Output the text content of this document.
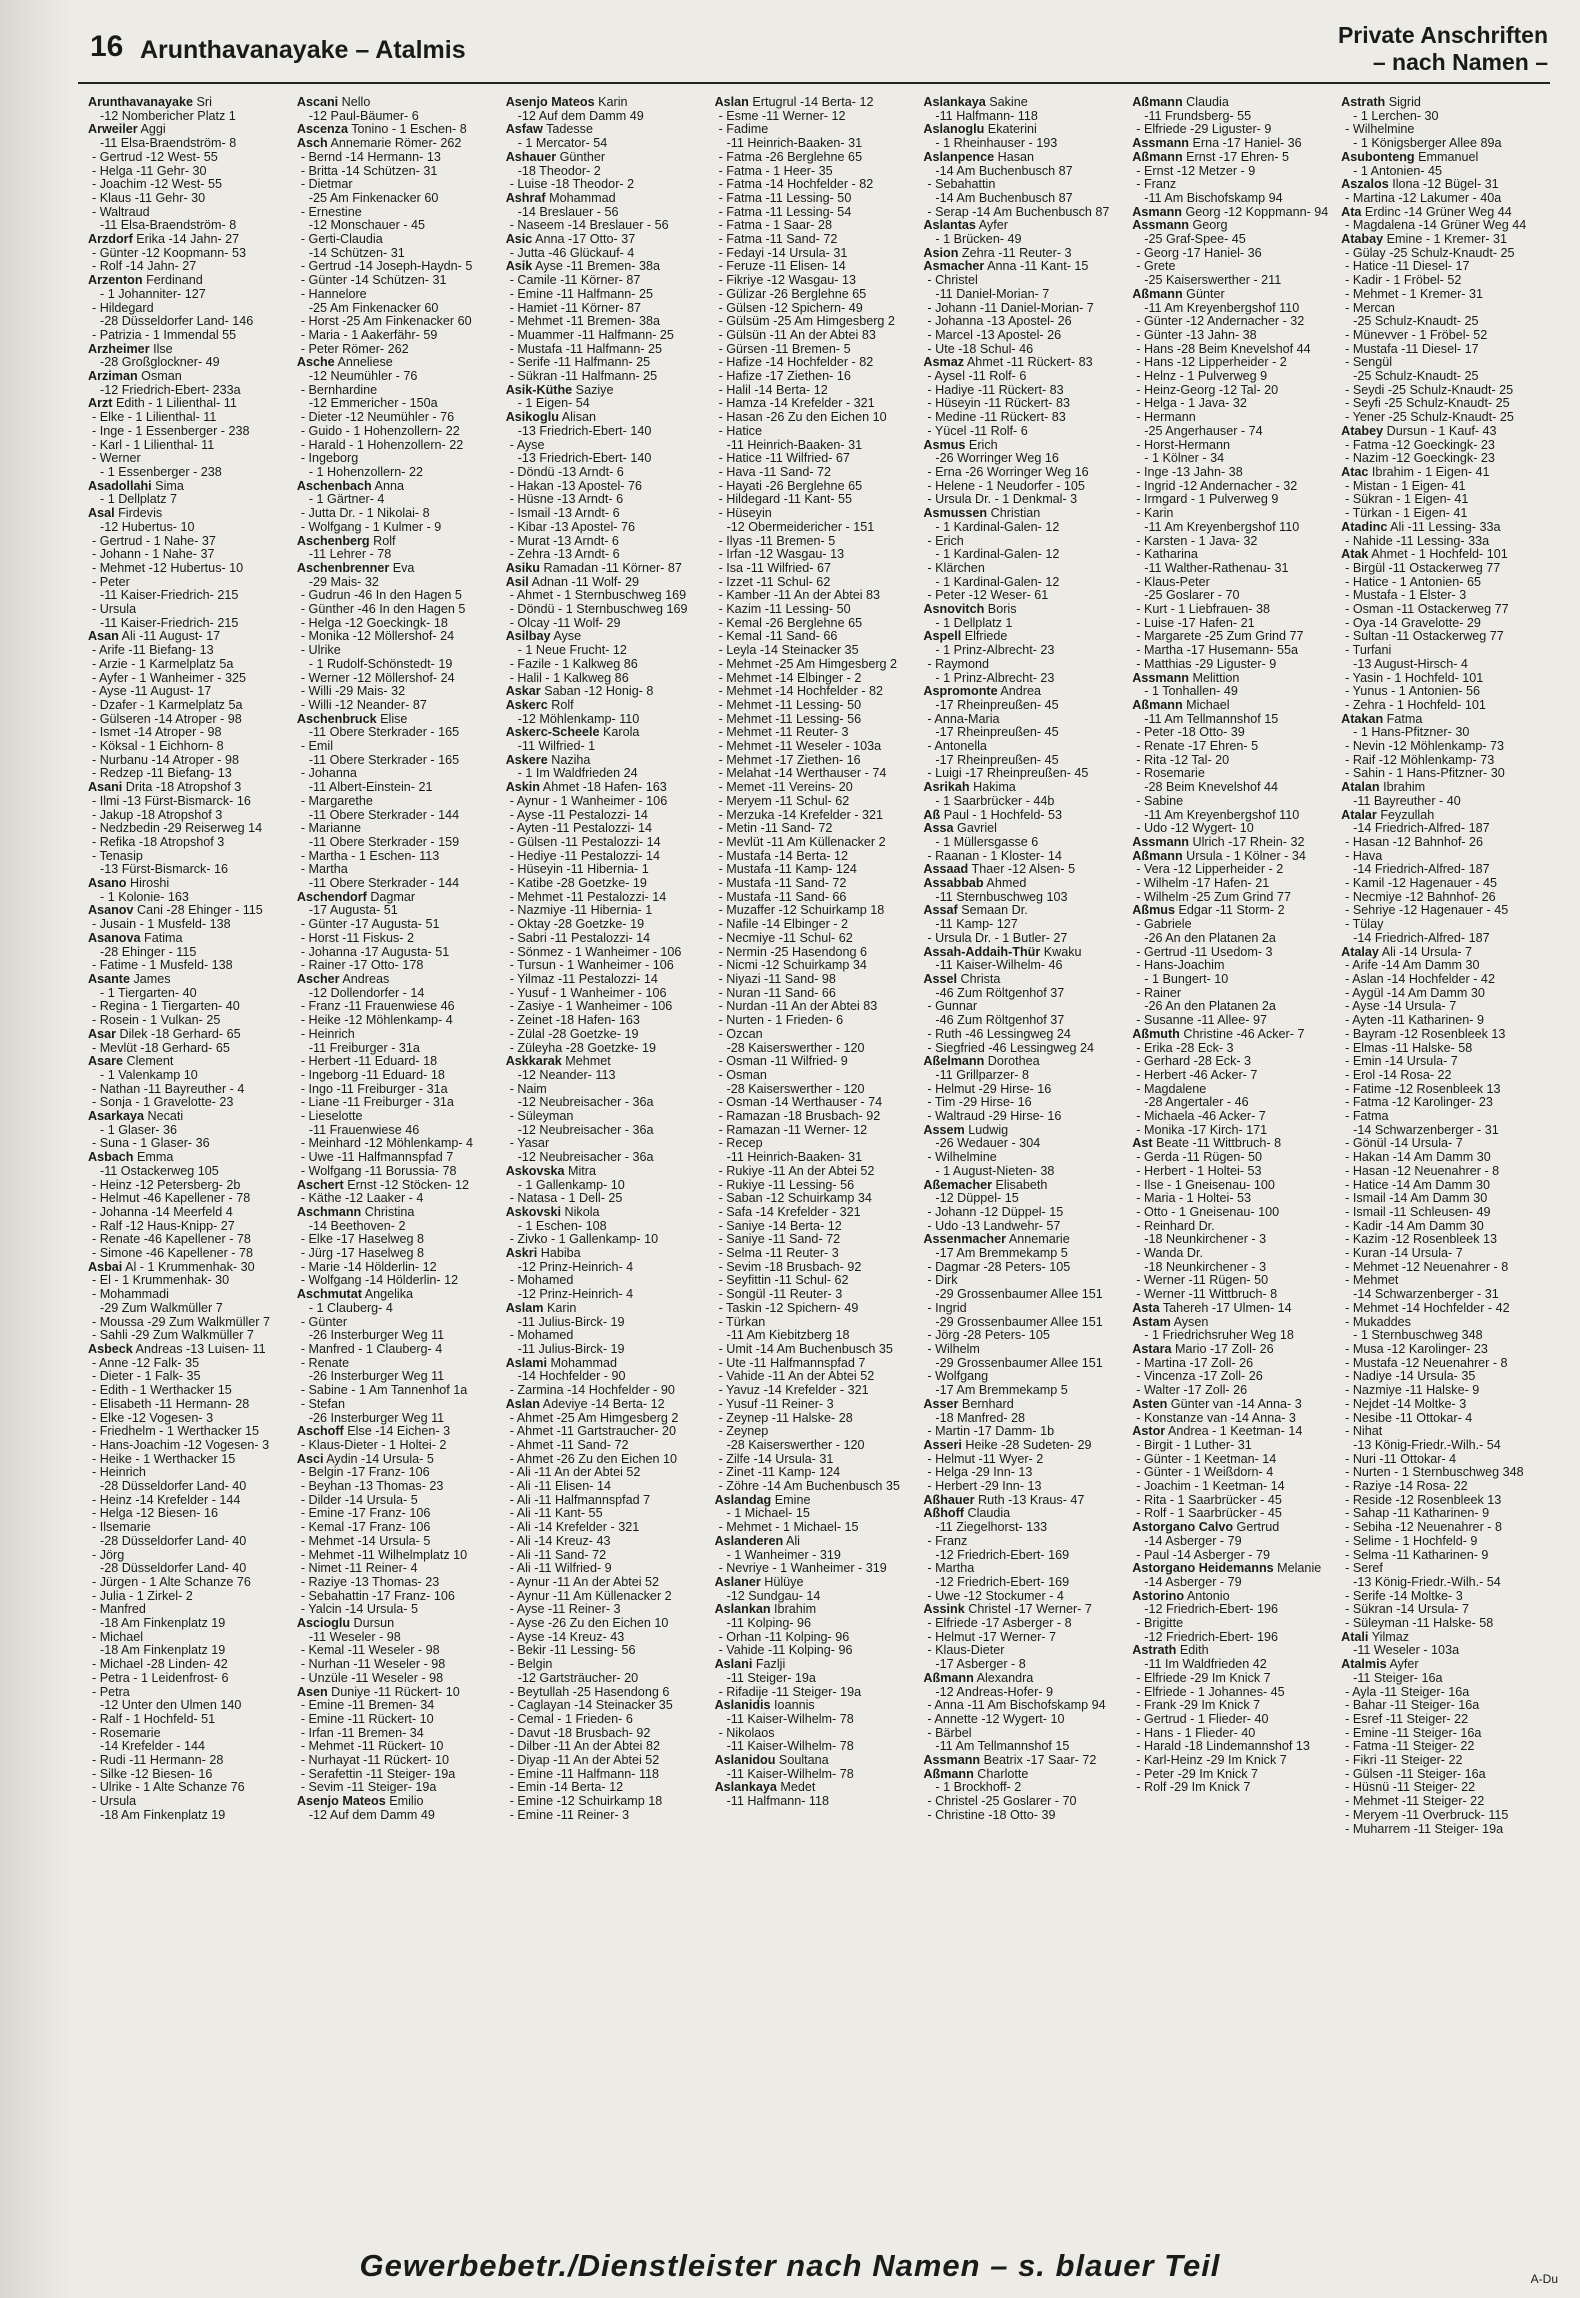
16 Arunthavanayake – Atalmis
Private Anschriften
– nach Namen –
Arunthavanayake Sri
-12 Nombericher Platz 1
Arweiler Aggi
-11 Elsa-Braendström- 8
- Gertrud -12 West- 55
- Helga -11 Gehr- 30
- Joachim -12 West- 55
- Klaus -11 Gehr- 30
- Waltraud
-11 Elsa-Braendström- 8
Arzdorf Erika -14 Jahn- 27
- Günter -12 Koopmann- 53
- Rolf -14 Jahn- 27
Arzenton Ferdinand
- 1 Johanniter- 127
- Hildegard
-28 Düsseldorfer Land- 146
- Patrizia - 1 Immendal 55
Arzheimer Ilse
-28 Großglockner- 49
Arziman Osman
-12 Friedrich-Ebert- 233a
Arzt Edith - 1 Lilienthal- 11
- Elke - 1 Lilienthal- 11
- Inge - 1 Essenberger - 238
- Karl - 1 Lilienthal- 11
- Werner
- 1 Essenberger - 238
Asadollahi Sima
- 1 Dellplatz 7
Asal Firdevis
-12 Hubertus- 10
- Gertrud - 1 Nahe- 37
- Johann - 1 Nahe- 37
- Mehmet -12 Hubertus- 10
- Peter
-11 Kaiser-Friedrich- 215
- Ursula
-11 Kaiser-Friedrich- 215
Asan Ali -11 August- 17
- Arife -11 Biefang- 13
- Arzie - 1 Karmelplatz 5a
- Ayfer - 1 Wanheimer - 325
- Ayse -11 August- 17
- Dzafer - 1 Karmelplatz 5a
- Gülseren -14 Atroper - 98
- Ismet -14 Atroper - 98
- Köksal - 1 Eichhorn- 8
- Nurbanu -14 Atroper - 98
- Redzep -11 Biefang- 13
Asani Drita -18 Atropshof 3
- Ilmi -13 Fürst-Bismarck- 16
- Jakup -18 Atropshof 3
- Nedzbedin -29 Reiserweg 14
- Refika -18 Atropshof 3
- Tenasip
-13 Fürst-Bismarck- 16
Asano Hiroshi
- 1 Kolonie- 163
Asanov Cani -28 Ehinger - 115
- Jusain - 1 Musfeld- 138
Asanova Fatima
-28 Ehinger - 115
- Fatime - 1 Musfeld- 138
Asante James
- 1 Tiergarten- 40
- Regina - 1 Tiergarten- 40
- Rosein - 1 Vulkan- 25
Asar Dilek -18 Gerhard- 65
- Mevlüt -18 Gerhard- 65
Asare Clement
- 1 Valenkamp 10
- Nathan -11 Bayreuther - 4
- Sonja - 1 Gravelotte- 23
Asarkaya Necati
- 1 Glaser- 36
- Suna - 1 Glaser- 36
Asbach Emma
-11 Ostackerweg 105
- Heinz -12 Petersberg- 2b
- Helmut -46 Kapellener - 78
- Johanna -14 Meerfeld 4
- Ralf -12 Haus-Knipp- 27
- Renate -46 Kapellener - 78
- Simone -46 Kapellener - 78
Asbai Al - 1 Krummenhak- 30
- El - 1 Krummenhak- 30
- Mohammadi
-29 Zum Walkmüller 7
- Moussa -29 Zum Walkmüller 7
- Sahli -29 Zum Walkmüller 7
Asbeck Andreas -13 Luisen- 11
- Anne -12 Falk- 35
- Dieter - 1 Falk- 35
- Edith - 1 Werthacker 15
- Elisabeth -11 Hermann- 28
- Elke -12 Vogesen- 3
- Friedhelm - 1 Werthacker 15
- Hans-Joachim -12 Vogesen- 3
- Heike - 1 Werthacker 15
- Heinrich
-28 Düsseldorfer Land- 40
- Heinz -14 Krefelder - 144
- Helga -12 Biesen- 16
- Ilsemarie
-28 Düsseldorfer Land- 40
- Jörg
-28 Düsseldorfer Land- 40
- Jürgen - 1 Alte Schanze 76
- Julia - 1 Zirkel- 2
- Manfred
-18 Am Finkenplatz 19
- Michael
-18 Am Finkenplatz 19
- Michael -28 Linden- 42
- Petra - 1 Leidenfrost- 6
- Petra
-12 Unter den Ulmen 140
- Ralf - 1 Hochfeld- 51
- Rosemarie
-14 Krefelder - 144
- Rudi -11 Hermann- 28
- Silke -12 Biesen- 16
- Ulrike - 1 Alte Schanze 76
- Ursula
-18 Am Finkenplatz 19
Ascani Nello
-12 Paul-Bäumer- 6
Ascenza Tonino - 1 Eschen- 8
Asch Annemarie Römer- 262
- Bernd -14 Hermann- 13
- Britta -14 Schützen- 31
- Dietmar
-25 Am Finkenacker 60
- Ernestine
-12 Monschauer - 45
- Gerti-Claudia
-14 Schützen- 31
- Gertrud -14 Joseph-Haydn- 5
- Günter -14 Schützen- 31
- Hannelore
-25 Am Finkenacker 60
- Horst -25 Am Finkenacker 60
- Maria - 1 Aakerfähr- 59
- Peter Römer- 262
Asche Anneliese
-12 Neumühler - 76
- Bernhardine
-12 Emmericher - 150a
- Dieter -12 Neumühler - 76
- Guido - 1 Hohenzollern- 22
- Harald - 1 Hohenzollern- 22
- Ingeborg
- 1 Hohenzollern- 22
Aschenbach Anna
- 1 Gärtner- 4
- Jutta Dr. - 1 Nikolai- 8
- Wolfgang - 1 Kulmer - 9
Aschenberg Rolf
-11 Lehrer - 78
Aschenbrenner Eva
-29 Mais- 32
- Gudrun -46 In den Hagen 5
- Günther -46 In den Hagen 5
- Helga -12 Goeckingk- 18
- Monika -12 Möllershof- 24
- Ulrike
- 1 Rudolf-Schönstedt- 19
- Werner -12 Möllershof- 24
- Willi -29 Mais- 32
- Willi -12 Neander- 87
Aschenbruck Elise
-11 Obere Sterkrader - 165
- Emil
-11 Obere Sterkrader - 165
- Johanna
-11 Albert-Einstein- 21
- Margarethe
-11 Obere Sterkrader - 144
- Marianne
-11 Obere Sterkrader - 159
- Martha - 1 Eschen- 113
- Martha
-11 Obere Sterkrader - 144
Aschendorf Dagmar
-17 Augusta- 51
- Günter -17 Augusta- 51
- Horst -11 Fiskus- 2
- Johanna -17 Augusta- 51
- Rainer -17 Otto- 178
Ascher Andreas
-12 Dollendorfer - 14
- Franz -11 Frauenwiese 46
- Heike -12 Möhlenkamp- 4
- Heinrich
-11 Freiburger - 31a
- Herbert -11 Eduard- 18
- Ingeborg -11 Eduard- 18
- Ingo -11 Freiburger - 31a
- Liane -11 Freiburger - 31a
- Lieselotte
-11 Frauenwiese 46
- Meinhard -12 Möhlenkamp- 4
- Uwe -11 Halfmannspfad 7
- Wolfgang -11 Borussia- 78
Aschert Ernst -12 Stöcken- 12
- Käthe -12 Laaker - 4
Aschmann Christina
-14 Beethoven- 2
- Elke -17 Haselweg 8
- Jürg -17 Haselweg 8
- Marie -14 Hölderlin- 12
- Wolfgang -14 Hölderlin- 12
Aschmutat Angelika
- 1 Clauberg- 4
- Günter
-26 Insterburger Weg 11
- Manfred - 1 Clauberg- 4
- Renate
-26 Insterburger Weg 11
- Sabine - 1 Am Tannenhof 1a
- Stefan
-26 Insterburger Weg 11
Aschoff Else -14 Eichen- 3
- Klaus-Dieter - 1 Holtei- 2
Asci Aydin -14 Ursula- 5
- Belgin -17 Franz- 106
- Beyhan -13 Thomas- 23
- Dilder -14 Ursula- 5
- Emine -17 Franz- 106
- Kemal -17 Franz- 106
- Mehmet -14 Ursula- 5
- Mehmet -11 Wilhelmplatz 10
- Nimet -11 Reiner- 4
- Raziye -13 Thomas- 23
- Sebahattin -17 Franz- 106
- Yalcin -14 Ursula- 5
Ascioglu Dursun
-11 Weseler - 98
- Kemal -11 Weseler - 98
- Nurhan -11 Weseler - 98
- Ünzüle -11 Weseler - 98
Asen Duniye -11 Rückert- 10
- Emine -11 Bremen- 34
- Emine -11 Rückert- 10
- Irfan -11 Bremen- 34
- Mehmet -11 Rückert- 10
- Nurhayat -11 Rückert- 10
- Serafettin -11 Steiger- 19a
- Sevim -11 Steiger- 19a
Asenjo Mateos Emilio
-12 Auf dem Damm 49
Asenjo Mateos Karin
-12 Auf dem Damm 49
Asfaw Tadesse
- 1 Mercator- 54
Ashauer Günther
-18 Theodor- 2
- Luise -18 Theodor- 2
Ashraf Mohammad
-14 Breslauer - 56
- Naseem -14 Breslauer - 56
Asic Anna -17 Otto- 37
- Jutta -46 Glückauf- 4
Asik Ayse -11 Bremen- 38a
- Camile -11 Körner- 87
- Emine -11 Halfmann- 25
- Hamiet -11 Körner- 87
- Mehmet -11 Bremen- 38a
- Muammer -11 Halfmann- 25
- Mustafa -11 Halfmann- 25
- Serife -11 Halfmann- 25
- Sükran -11 Halfmann- 25
Asik-Küthe Saziye
- 1 Eigen- 54
Asikoglu Alisan
-13 Friedrich-Ebert- 140
- Ayse
-13 Friedrich-Ebert- 140
- Döndü -13 Arndt- 6
- Hakan -13 Apostel- 76
- Hüsne -13 Arndt- 6
- Ismail -13 Arndt- 6
- Kibar -13 Apostel- 76
- Murat -13 Arndt- 6
- Zehra -13 Arndt- 6
Asiku Ramadan -11 Körner- 87
Asil Adnan -11 Wolf- 29
- Ahmet - 1 Sternbuschweg 169
- Döndü - 1 Sternbuschweg 169
- Olcay -11 Wolf- 29
Asilbay Ayse
- 1 Neue Frucht- 12
- Fazile - 1 Kalkweg 86
- Halil - 1 Kalkweg 86
Askar Saban -12 Honig- 8
Askerc Rolf
-12 Möhlenkamp- 110
Askerc-Scheele Karola
-11 Wilfried- 1
Askere Naziha
- 1 Im Waldfrieden 24
Askin Ahmet -18 Hafen- 163
- Aynur - 1 Wanheimer - 106
- Ayse -11 Pestalozzi- 14
- Ayten -11 Pestalozzi- 14
- Gülsen -11 Pestalozzi- 14
- Hediye -11 Pestalozzi- 14
- Hüseyin -11 Hibernia- 1
- Katibe -28 Goetzke- 19
- Mehmet -11 Pestalozzi- 14
- Nazmiye -11 Hibernia- 1
- Oktay -28 Goetzke- 19
- Sabri -11 Pestalozzi- 14
- Sönmez - 1 Wanheimer - 106
- Tursun - 1 Wanheimer - 106
- Yilmaz -11 Pestalozzi- 14
- Yusuf - 1 Wanheimer - 106
- Zasiye - 1 Wanheimer - 106
- Zeinet -18 Hafen- 163
- Zülal -28 Goetzke- 19
- Züleyha -28 Goetzke- 19
Askkarak Mehmet
-12 Neander- 113
- Naim
-12 Neubreisacher - 36a
- Süleyman
-12 Neubreisacher - 36a
- Yasar
-12 Neubreisacher - 36a
Askovska Mitra
- 1 Gallenkamp- 10
- Natasa - 1 Dell- 25
Askovski Nikola
- 1 Eschen- 108
- Zivko - 1 Gallenkamp- 10
Askri Habiba
-12 Prinz-Heinrich- 4
- Mohamed
-12 Prinz-Heinrich- 4
Aslam Karin
-11 Julius-Birck- 19
- Mohamed
-11 Julius-Birck- 19
Aslami Mohammad
-14 Hochfelder - 90
- Zarmina -14 Hochfelder - 90
Aslan Adeviye -14 Berta- 12
- Ahmet -25 Am Himgesberg 2
- Ahmet -11 Gartstraucher- 20
- Ahmet -11 Sand- 72
- Ahmet -26 Zu den Eichen 10
- Ali -11 An der Abtei 52
- Ali -11 Elisen- 14
- Ali -11 Halfmannspfad 7
- Ali -11 Kant- 55
- Ali -14 Krefelder - 321
- Ali -14 Kreuz- 43
- Ali -11 Sand- 72
- Ali -11 Wilfried- 9
- Aynur -11 An der Abtei 52
- Aynur -11 Am Küllenacker 2
- Ayse -11 Reiner- 3
- Ayse -26 Zu den Eichen 10
- Ayse -14 Kreuz- 43
- Bekir -11 Lessing- 56
- Belgin
-12 Gartsträucher- 20
- Beytullah -25 Hasendong 6
- Caglayan -14 Steinacker 35
- Cemal - 1 Frieden- 6
- Davut -18 Brusbach- 92
- Dilber -11 An der Abtei 82
- Diyap -11 An der Abtei 52
- Emine -11 Halfmann- 118
- Emin -14 Berta- 12
- Emine -12 Schuirkamp 18
- Emine -11 Reiner- 3
Aslan Ertugrul -14 Berta- 12
- Esme -11 Werner- 12
- Fadime
-11 Heinrich-Baaken- 31
- Fatma -26 Berglehne 65
- Fatma - 1 Heer- 35
- Fatma -14 Hochfelder - 82
- Fatma -11 Lessing- 50
- Fatma -11 Lessing- 54
- Fatma - 1 Saar- 28
- Fatma -11 Sand- 72
- Fedayi -14 Ursula- 31
- Feruze -11 Elisen- 14
- Fikriye -12 Wasgau- 13
- Gülizar -26 Berglehne 65
- Gülsen -12 Spichern- 49
- Gülsüm -25 Am Himgesberg 2
- Gülsün -11 An der Abtei 83
- Gürsen -11 Bremen- 5
- Hafize -14 Hochfelder - 82
- Hafize -17 Ziethen- 16
- Halil -14 Berta- 12
- Hamza -14 Krefelder - 321
- Hasan -26 Zu den Eichen 10
- Hatice
-11 Heinrich-Baaken- 31
- Hatice -11 Wilfried- 67
- Hava -11 Sand- 72
- Hayati -26 Berglehne 65
- Hildegard -11 Kant- 55
- Hüseyin
-12 Obermeidericher - 151
- Ilyas -11 Bremen- 5
- Irfan -12 Wasgau- 13
- Isa -11 Wilfried- 67
- Izzet -11 Schul- 62
- Kamber -11 An der Abtei 83
- Kazim -11 Lessing- 50
- Kemal -26 Berglehne 65
- Kemal -11 Sand- 66
- Leyla -14 Steinacker 35
- Mehmet -25 Am Himgesberg 2
- Mehmet -14 Elbinger - 2
- Mehmet -14 Hochfelder - 82
- Mehmet -11 Lessing- 50
- Mehmet -11 Lessing- 56
- Mehmet -11 Reuter- 3
- Mehmet -11 Weseler - 103a
- Mehmet -17 Ziethen- 16
- Melahat -14 Werthauser - 74
- Memet -11 Vereins- 20
- Meryem -11 Schul- 62
- Merzuka -14 Krefelder - 321
- Metin -11 Sand- 72
- Mevlüt -11 Am Küllenacker 2
- Mustafa -14 Berta- 12
- Mustafa -11 Kamp- 124
- Mustafa -11 Sand- 72
- Mustafa -11 Sand- 66
- Muzaffer -12 Schuirkamp 18
- Nafile -14 Elbinger - 2
- Necmiye -11 Schul- 62
- Nermin -25 Hasendong 6
- Nicmi -12 Schuirkamp 34
- Niyazi -11 Sand- 98
- Nuran -11 Sand- 66
- Nurdan -11 An der Abtei 83
- Nurten - 1 Frieden- 6
- Özcan
-28 Kaiserswerther - 120
- Osman -11 Wilfried- 9
- Osman
-28 Kaiserswerther - 120
- Osman -14 Werthauser - 74
- Ramazan -18 Brusbach- 92
- Ramazan -11 Werner- 12
- Recep
-11 Heinrich-Baaken- 31
- Rukiye -11 An der Abtei 52
- Rukiye -11 Lessing- 56
- Saban -12 Schuirkamp 34
- Safa -14 Krefelder - 321
- Saniye -14 Berta- 12
- Saniye -11 Sand- 72
- Selma -11 Reuter- 3
- Sevim -18 Brusbach- 92
- Seyfittin -11 Schul- 62
- Songül -11 Reuter- 3
- Taskin -12 Spichern- 49
- Türkan
-11 Am Kiebitzberg 18
- Ümit -14 Am Buchenbusch 35
- Ute -11 Halfmannspfad 7
- Vahide -11 An der Abtei 52
- Yavuz -14 Krefelder - 321
- Yusuf -11 Reiner- 3
- Zeynep -11 Halske- 28
- Zeynep
-28 Kaiserswerther - 120
- Zilfe -14 Ursula- 31
- Zinet -11 Kamp- 124
- Zöhre -14 Am Buchenbusch 35
Aslandag Emine
- 1 Michael- 15
- Mehmet - 1 Michael- 15
Aslanderen Ali
- 1 Wanheimer - 319
- Nevriye - 1 Wanheimer - 319
Aslaner Hülüye
-12 Sundgau- 14
Aslankan Ibrahim
-11 Kolping- 96
- Orhan -11 Kolping- 96
- Vahide -11 Kolping- 96
Aslani Fazlji
-11 Steiger- 19a
- Rifadije -11 Steiger- 19a
Aslanidis Ioannis
-11 Kaiser-Wilhelm- 78
- Nikolaos
-11 Kaiser-Wilhelm- 78
Aslanidou Soultana
-11 Kaiser-Wilhelm- 78
Aslankaya Medet
-11 Halfmann- 118
Aslankaya Sakine
-11 Halfmann- 118
Aslanoglu Ekaterini
- 1 Rheinhauser - 193
Aslanpence Hasan
-14 Am Buchenbusch 87
- Sebahattin
-14 Am Buchenbusch 87
- Serap -14 Am Buchenbusch 87
Aslantas Ayfer
- 1 Brücken- 49
Asion Zehra -11 Reuter- 3
Asmacher Anna -11 Kant- 15
- Christel
-11 Daniel-Morian- 7
- Johann -11 Daniel-Morian- 7
- Johanna -13 Apostel- 26
- Marcel -13 Apostel- 26
- Ute -18 Schul- 46
Asmaz Ahmet -11 Rückert- 83
- Aysel -11 Rolf- 6
- Hadiye -11 Rückert- 83
- Hüseyin -11 Rückert- 83
- Medine -11 Rückert- 83
- Yücel -11 Rolf- 6
Asmus Erich
-26 Worringer Weg 16
- Erna -26 Worringer Weg 16
- Helene - 1 Neudorfer - 105
- Ursula Dr. - 1 Denkmal- 3
Asmussen Christian
- 1 Kardinal-Galen- 12
- Erich
- 1 Kardinal-Galen- 12
- Klärchen
- 1 Kardinal-Galen- 12
- Peter -12 Weser- 61
Asnovitch Boris
- 1 Dellplatz 1
Aspell Elfriede
- 1 Prinz-Albrecht- 23
- Raymond
- 1 Prinz-Albrecht- 23
Aspromonte Andrea
-17 Rheinpreußen- 45
- Anna-Maria
-17 Rheinpreußen- 45
- Antonella
-17 Rheinpreußen- 45
- Luigi -17 Rheinpreußen- 45
Asrikah Hakima
- 1 Saarbrücker - 44b
Aß Paul - 1 Hochfeld- 53
Assa Gavriel
- 1 Müllersgasse 6
- Raanan - 1 Kloster- 14
Assaad Thaer -12 Alsen- 5
Assabbab Ahmed
-11 Sternbuschweg 103
Assaf Semaan Dr.
-11 Kamp- 127
- Ursula Dr. - 1 Butler- 27
Assah-Addaih-Thür Kwaku
-11 Kaiser-Wilhelm- 46
Assel Christa
-46 Zum Röltgenhof 37
- Gunnar
-46 Zum Röltgenhof 37
- Ruth -46 Lessingweg 24
- Siegfried -46 Lessingweg 24
Aßelmann Dorothea
-11 Grillparzer- 8
- Helmut -29 Hirse- 16
- Tim -29 Hirse- 16
- Waltraud -29 Hirse- 16
Assem Ludwig
-26 Wedauer - 304
- Wilhelmine
- 1 August-Nieten- 38
Aßemacher Elisabeth
-12 Düppel- 15
- Johann -12 Düppel- 15
- Udo -13 Landwehr- 57
Assenmacher Annemarie
-17 Am Bremmekamp 5
- Dagmar -28 Peters- 105
- Dirk
-29 Grossenbaumer Allee 151
- Ingrid
-29 Grossenbaumer Allee 151
- Jörg -28 Peters- 105
- Wilhelm
-29 Grossenbaumer Allee 151
- Wolfgang
-17 Am Bremmekamp 5
Asser Bernhard
-18 Manfred- 28
- Martin -17 Damm- 1b
Asseri Heike -28 Sudeten- 29
- Helmut -11 Wyer- 2
- Helga -29 Inn- 13
- Herbert -29 Inn- 13
Aßhauer Ruth -13 Kraus- 47
Aßhoff Claudia
-11 Ziegelhorst- 133
- Franz
-12 Friedrich-Ebert- 169
- Martha
-12 Friedrich-Ebert- 169
- Uwe -12 Stockumer - 4
Assink Christel -17 Werner- 7
- Elfriede -17 Asberger - 8
- Helmut -17 Werner- 7
- Klaus-Dieter
-17 Asberger - 8
Aßmann Alexandra
-12 Andreas-Hofer- 9
- Anna -11 Am Bischofskamp 94
- Annette -12 Wygert- 10
- Bärbel
-11 Am Tellmannshof 15
Assmann Beatrix -17 Saar- 72
Aßmann Charlotte
- 1 Brockhoff- 2
- Christel -25 Goslarer - 70
- Christine -18 Otto- 39
Aßmann Claudia
-11 Frundsberg- 55
- Elfriede -29 Liguster- 9
Assmann Erna -17 Haniel- 36
Aßmann Ernst -17 Ehren- 5
- Ernst -12 Metzer - 9
- Franz
-11 Am Bischofskamp 94
Asmann Georg -12 Koppmann- 94
Assmann Georg
-25 Graf-Spee- 45
- Georg -17 Haniel- 36
- Grete
-25 Kaiserswerther - 211
Aßmann Günter
-11 Am Kreyenbergshof 110
- Günter -12 Andernacher - 32
- Günter -13 Jahn- 38
- Hans -28 Beim Knevelshof 44
- Hans -12 Lipperheider - 2
- Helnz - 1 Pulverweg 9
- Heinz-Georg -12 Tal- 20
- Helga - 1 Java- 32
- Hermann
-25 Angerhauser - 74
- Horst-Hermann
- 1 Kölner - 34
- Inge -13 Jahn- 38
- Ingrid -12 Andernacher - 32
- Irmgard - 1 Pulverweg 9
- Karin
-11 Am Kreyenbergshof 110
- Karsten - 1 Java- 32
- Katharina
-11 Walther-Rathenau- 31
- Klaus-Peter
-25 Goslarer - 70
- Kurt - 1 Liebfrauen- 38
- Luise -17 Hafen- 21
- Margarete -25 Zum Grind 77
- Martha -17 Husemann- 55a
- Matthias -29 Liguster- 9
Assmann Melittion
- 1 Tonhallen- 49
Aßmann Michael
-11 Am Tellmannshof 15
- Peter -18 Otto- 39
- Renate -17 Ehren- 5
- Rita -12 Tal- 20
- Rosemarie
-28 Beim Knevelshof 44
- Sabine
-11 Am Kreyenbergshof 110
- Udo -12 Wygert- 10
Assmann Ulrich -17 Rhein- 32
Aßmann Ursula - 1 Kölner - 34
- Vera -12 Lipperheider - 2
- Wilhelm -17 Hafen- 21
- Wilhelm -25 Zum Grind 77
Aßmus Edgar -11 Storm- 2
- Gabriele
-26 An den Platanen 2a
- Gertrud -11 Usedom- 3
- Hans-Joachim
- 1 Bungert- 10
- Rainer
-26 An den Platanen 2a
- Susanne -11 Allee- 97
Aßmuth Christine -46 Acker- 7
- Erika -28 Eck- 3
- Gerhard -28 Eck- 3
- Herbert -46 Acker- 7
- Magdalene
-28 Angertaler - 46
- Michaela -46 Acker- 7
- Monika -17 Kirch- 171
Ast Beate -11 Wittbruch- 8
- Gerda -11 Rügen- 50
- Herbert - 1 Holtei- 53
- Ilse - 1 Gneisenau- 100
- Maria - 1 Holtei- 53
- Otto - 1 Gneisenau- 100
- Reinhard Dr.
-18 Neunkirchener - 3
- Wanda Dr.
-18 Neunkirchener - 3
- Werner -11 Rügen- 50
- Werner -11 Wittbruch- 8
Asta Tahereh -17 Ulmen- 14
Astam Aysen
- 1 Friedrichsruher Weg 18
Astara Mario -17 Zoll- 26
- Martina -17 Zoll- 26
- Vincenza -17 Zoll- 26
- Walter -17 Zoll- 26
Asten Günter van -14 Anna- 3
- Konstanze van -14 Anna- 3
Astor Andrea - 1 Keetman- 14
- Birgit - 1 Luther- 31
- Günter - 1 Keetman- 14
- Günter - 1 Weißdorn- 4
- Joachim - 1 Keetman- 14
- Rita - 1 Saarbrücker - 45
- Rolf - 1 Saarbrücker - 45
Astorgano Calvo Gertrud
-14 Asberger - 79
- Paul -14 Asberger - 79
Astorgano Heidemanns Melanie
-14 Asberger - 79
Astorino Antonio
-12 Friedrich-Ebert- 196
- Brigitte
-12 Friedrich-Ebert- 196
Astrath Edith
-11 Im Waldfrieden 42
- Elfriede -29 Im Knick 7
- Elfriede - 1 Johannes- 45
- Frank -29 Im Knick 7
- Gertrud - 1 Flieder- 40
- Hans - 1 Flieder- 40
- Harald -18 Lindemannshof 13
- Karl-Heinz -29 Im Knick 7
- Peter -29 Im Knick 7
- Rolf -29 Im Knick 7
Astrath Sigrid
- 1 Lerchen- 30
- Wilhelmine
- 1 Königsberger Allee 89a
Asubonteng Emmanuel
- 1 Antonien- 45
Aszalos Ilona -12 Bügel- 31
- Martina -12 Lakumer - 40a
Ata Erdinc -14 Grüner Weg 44
- Magdalena -14 Grüner Weg 44
Atabay Emine - 1 Kremer- 31
- Gülay -25 Schulz-Knaudt- 25
- Hatice -11 Diesel- 17
- Kadir - 1 Fröbel- 52
- Mehmet - 1 Kremer- 31
- Mercan
-25 Schulz-Knaudt- 25
- Münevver - 1 Fröbel- 52
- Mustafa -11 Diesel- 17
- Sengül
-25 Schulz-Knaudt- 25
- Seydi -25 Schulz-Knaudt- 25
- Seyfi -25 Schulz-Knaudt- 25
- Yener -25 Schulz-Knaudt- 25
Atabey Dursun - 1 Kauf- 43
- Fatma -12 Goeckingk- 23
- Nazim -12 Goeckingk- 23
Atac Ibrahim - 1 Eigen- 41
- Mistan - 1 Eigen- 41
- Sükran - 1 Eigen- 41
- Türkan - 1 Eigen- 41
Atadinc Ali -11 Lessing- 33a
- Nahide -11 Lessing- 33a
Atak Ahmet - 1 Hochfeld- 101
- Birgül -11 Ostackerweg 77
- Hatice - 1 Antonien- 65
- Mustafa - 1 Elster- 3
- Osman -11 Ostackerweg 77
- Oya -14 Gravelotte- 29
- Sultan -11 Ostackerweg 77
- Turfani
-13 August-Hirsch- 4
- Yasin - 1 Hochfeld- 101
- Yunus - 1 Antonien- 56
- Zehra - 1 Hochfeld- 101
Atakan Fatma
- 1 Hans-Pfitzner- 30
- Nevin -12 Möhlenkamp- 73
- Raif -12 Möhlenkamp- 73
- Sahin - 1 Hans-Pfitzner- 30
Atalan Ibrahim
-11 Bayreuther - 40
Atalar Feyzullah
-14 Friedrich-Alfred- 187
- Hasan -12 Bahnhof- 26
- Hava
-14 Friedrich-Alfred- 187
- Kamil -12 Hagenauer - 45
- Necmiye -12 Bahnhof- 26
- Sehriye -12 Hagenauer - 45
- Tülay
-14 Friedrich-Alfred- 187
Atalay Ali -14 Ursula- 7
- Arife -14 Am Damm 30
- Aslan -14 Hochfelder - 42
- Aygül -14 Am Damm 30
- Ayse -14 Ursula- 7
- Ayten -11 Katharinen- 9
- Bayram -12 Rosenbleek 13
- Elmas -11 Halske- 58
- Emin -14 Ursula- 7
- Erol -14 Rosa- 22
- Fatime -12 Rosenbleek 13
- Fatma -12 Karolinger- 23
- Fatma
-14 Schwarzenberger - 31
- Gönül -14 Ursula- 7
- Hakan -14 Am Damm 30
- Hasan -12 Neuenahrer - 8
- Hatice -14 Am Damm 30
- Ismail -14 Am Damm 30
- Ismail -11 Schleusen- 49
- Kadir -14 Am Damm 30
- Kazim -12 Rosenbleek 13
- Kuran -14 Ursula- 7
- Mehmet -12 Neuenahrer - 8
- Mehmet
-14 Schwarzenberger - 31
- Mehmet -14 Hochfelder - 42
- Mukaddes
- 1 Sternbuschweg 348
- Musa -12 Karolinger- 23
- Mustafa -12 Neuenahrer - 8
- Nadiye -14 Ursula- 35
- Nazmiye -11 Halske- 9
- Nejdet -14 Moltke- 3
- Nesibe -11 Ottokar- 4
- Nihat
-13 König-Friedr.-Wilh.- 54
- Nuri -11 Ottokar- 4
- Nurten - 1 Sternbuschweg 348
- Raziye -14 Rosa- 22
- Reside -12 Rosenbleek 13
- Sahap -11 Katharinen- 9
- Sebiha -12 Neuenahrer - 8
- Selime - 1 Hochfeld- 9
- Selma -11 Katharinen- 9
- Seref
-13 König-Friedr.-Wilh.- 54
- Serife -14 Moltke- 3
- Sükran -14 Ursula- 7
- Süleyman -11 Halske- 58
Atali Yilmaz
-11 Weseler - 103a
Atalmis Ayfer
-11 Steiger- 16a
- Ayla -11 Steiger- 16a
- Bahar -11 Steiger- 16a
- Esref -11 Steiger- 22
- Emine -11 Steiger- 16a
- Fatma -11 Steiger- 22
- Fikri -11 Steiger- 22
- Gülsen -11 Steiger- 16a
- Hüsnü -11 Steiger- 22
- Mehmet -11 Steiger- 22
- Meryem -11 Overbruck- 115
- Muharrem -11 Steiger- 19a
Gewerbebetr./Dienstleister nach Namen – s. blauer Teil	A-Du
